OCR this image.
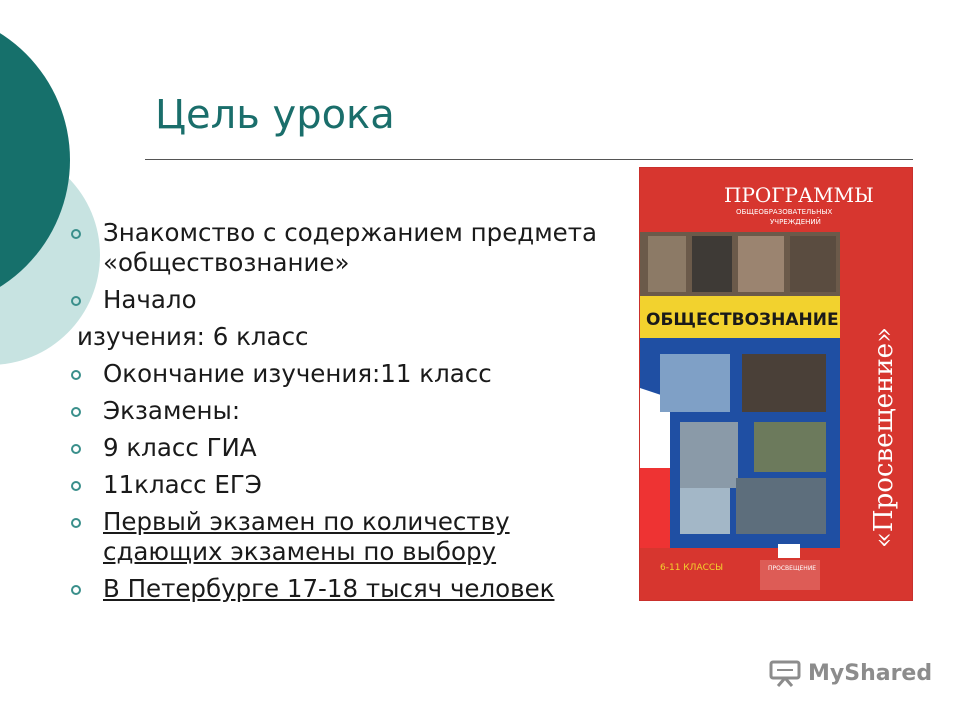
Цель урока
Знакомство с содержанием предмета «обществознание»
Начало
изучения: 6 класс
Окончание изучения:11 класс
Экзамены:
9 класс ГИА
11класс ЕГЭ
Первый экзамен по количеству сдающих экзамены по выбору
В Петербурге 17-18 тысяч человек
ПРОГРАММЫ
ОБЩЕОБРАЗОВАТЕЛЬНЫХ
УЧРЕЖДЕНИЙ
ОБЩЕСТВОЗНАНИЕ
6-11 КЛАССЫ	ПРОСВЕЩЕНИЕ
«Просвещение»
MyShared
